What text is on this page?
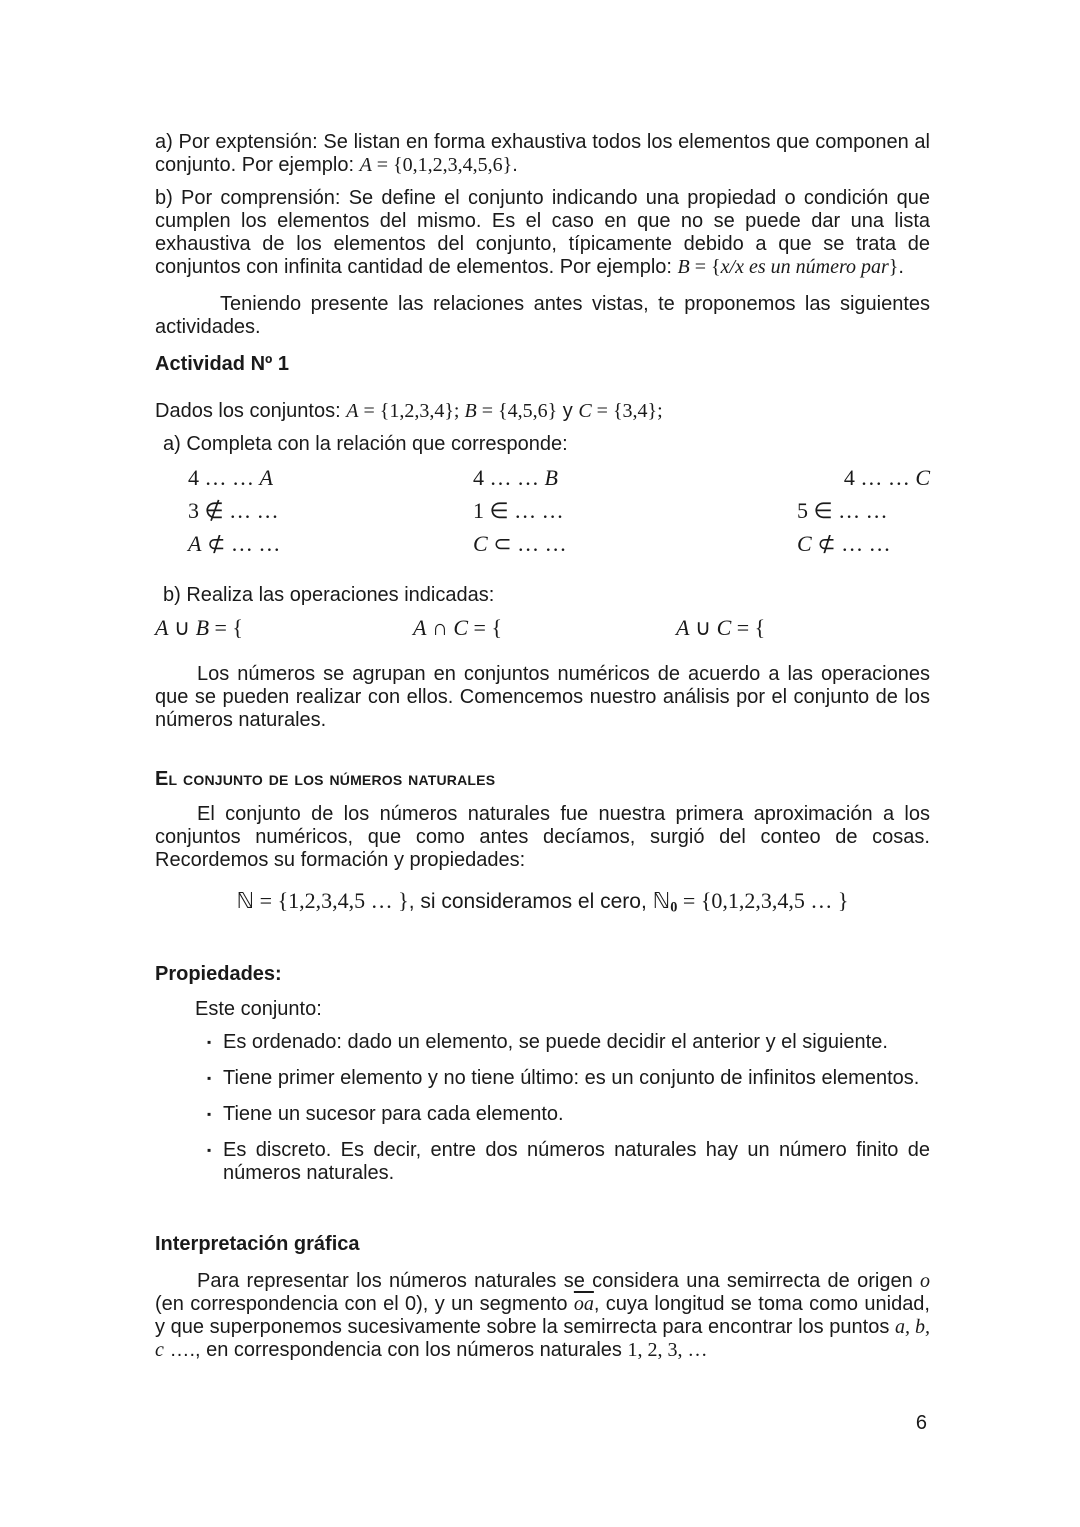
a) Por exptensión: Se listan en forma exhaustiva todos los elementos que componen al conjunto. Por ejemplo: A = {0,1,2,3,4,5,6}.

b) Por comprensión: Se define el conjunto indicando una propiedad o condición que cumplen los elementos del mismo. Es el caso en que no se puede dar una lista exhaustiva de los elementos del conjunto, típicamente debido a que se trata de conjuntos con infinita cantidad de elementos. Por ejemplo: B = {x/x es un número par}.

Teniendo presente las relaciones antes vistas, te proponemos las siguientes actividades.

Actividad Nº 1
Dados los conjuntos: A = {1,2,3,4}; B = {4,5,6} y C = {3,4};
a) Completa con la relación que corresponde:
4 … … A	4 … … B	4 … … C
3 ∉ … …	1 ∈ … …	5 ∈ … …
A ⊄ … …	C ⊂ … …	C ⊄ … …
b) Realiza las operaciones indicadas:
A ∪ B = {	A ∩ C = {	A ∪ C = {

Los números se agrupan en conjuntos numéricos de acuerdo a las operaciones que se pueden realizar con ellos. Comencemos nuestro análisis por el conjunto de los números naturales.

El conjunto de los números naturales

El conjunto de los números naturales fue nuestra primera aproximación a los conjuntos numéricos, que como antes decíamos, surgió del conteo de cosas. Recordemos su formación y propiedades:

ℕ = {1,2,3,4,5 … }, si consideramos el cero, ℕ0 = {0,1,2,3,4,5 … }
Propiedades:
Este conjunto:
▪ Es ordenado: dado un elemento, se puede decidir el anterior y el siguiente.
▪ Tiene primer elemento y no tiene último: es un conjunto de infinitos elementos.
▪ Tiene un sucesor para cada elemento.
▪ Es discreto. Es decir, entre dos números naturales hay un número finito de números naturales.
Interpretación gráfica

Para representar los números naturales se considera una semirrecta de origen o (en correspondencia con el 0), y un segmento $\overline{oa}$, cuya longitud se toma como unidad, y que superponemos sucesivamente sobre la semirrecta para encontrar los puntos a, b, c …., en correspondencia con los números naturales 1, 2, 3, …

6
